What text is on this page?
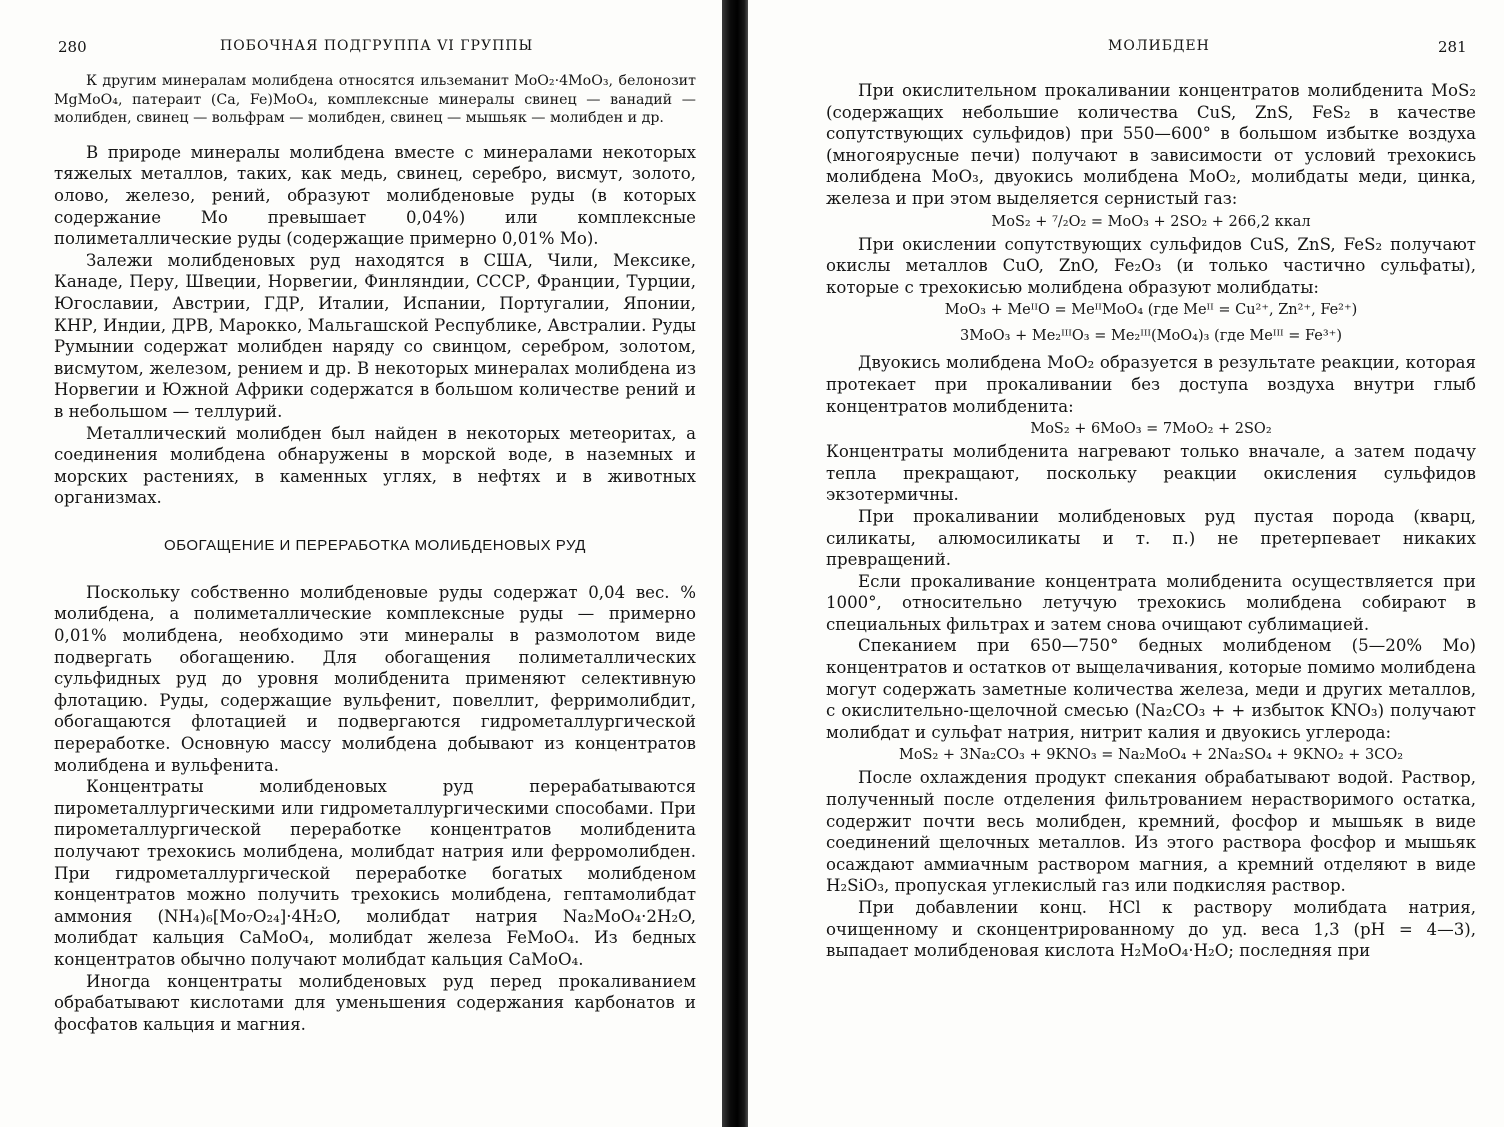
280	ПОБОЧНАЯ ПОДГРУППА VI ГРУППЫ

К другим минералам молибдена относятся ильземанит MoO₂·4MoO₃, белонозит MgMoO₄, патераит (Ca, Fe)MoO₄, комплексные минералы свинец — ванадий — молибден, свинец — вольфрам — молибден, свинец — мышьяк — молибден и др.

В природе минералы молибдена вместе с минералами некоторых тяжелых металлов, таких, как медь, свинец, серебро, висмут, золото, олово, железо, рений, образуют молибденовые руды (в которых содержание Mo превышает 0,04%) или комплексные полиметаллические руды (содержащие примерно 0,01% Mo).

Залежи молибденовых руд находятся в США, Чили, Мексике, Канаде, Перу, Швеции, Норвегии, Финляндии, СССР, Франции, Турции, Югославии, Австрии, ГДР, Италии, Испании, Португалии, Японии, КНР, Индии, ДРВ, Марокко, Мальгашской Республике, Австралии. Руды Румынии содержат молибден наряду со свинцом, серебром, золотом, висмутом, железом, рением и др. В некоторых минералах молибдена из Норвегии и Южной Африки содержатся в большом количестве рений и в небольшом — теллурий.

Металлический молибден был найден в некоторых метеоритах, а соединения молибдена обнаружены в морской воде, в наземных и морских растениях, в каменных углях, в нефтях и в животных организмах.

ОБОГАЩЕНИЕ И ПЕРЕРАБОТКА МОЛИБДЕНОВЫХ РУД

Поскольку собственно молибденовые руды содержат 0,04 вес. % молибдена, а полиметаллические комплексные руды — примерно 0,01% молибдена, необходимо эти минералы в размолотом виде подвергать обогащению. Для обогащения полиметаллических сульфидных руд до уровня молибденита применяют селективную флотацию. Руды, содержащие вульфенит, повеллит, ферримолибдит, обогащаются флотацией и подвергаются гидрометаллургической переработке. Основную массу молибдена добывают из концентратов молибдена и вульфенита.

Концентраты молибденовых руд перерабатываются пирометаллургическими или гидрометаллургическими способами. При пирометаллургической переработке концентратов молибденита получают трехокись молибдена, молибдат натрия или ферромолибден. При гидрометаллургической переработке богатых молибденом концентратов можно получить трехокись молибдена, гептамолибдат аммония (NH₄)₆[Mo₇O₂₄]·4H₂O, молибдат натрия Na₂MoO₄·2H₂O, молибдат кальция CaMoO₄, молибдат железа FeMoO₄. Из бедных концентратов обычно получают молибдат кальция CaMoO₄.

Иногда концентраты молибденовых руд перед прокаливанием обрабатывают кислотами для уменьшения содержания карбонатов и фосфатов кальция и магния.

МОЛИБДЕН	281

При окислительном прокаливании концентратов молибденита MoS₂ (содержащих небольшие количества CuS, ZnS, FeS₂ в качестве сопутствующих сульфидов) при 550—600° в большом избытке воздуха (многоярусные печи) получают в зависимости от условий трехокись молибдена MoO₃, двуокись молибдена MoO₂, молибдаты меди, цинка, железа и при этом выделяется сернистый газ:

MoS₂ + ⁷/₂O₂ = MoO₃ + 2SO₂ + 266,2 ккал

При окислении сопутствующих сульфидов CuS, ZnS, FeS₂ получают окислы металлов CuO, ZnO, Fe₂O₃ (и только частично сульфаты), которые с трехокисью молибдена образуют молибдаты:

MoO₃ + MeᴵᴵO = MeᴵᴵMoO₄ (где Meᴵᴵ = Cu²⁺, Zn²⁺, Fe²⁺)
3MoO₃ + Me₂ᴵᴵᴵO₃ = Me₂ᴵᴵᴵ(MoO₄)₃ (где Meᴵᴵᴵ = Fe³⁺)

Двуокись молибдена MoO₂ образуется в результате реакции, которая протекает при прокаливании без доступа воздуха внутри глыб концентратов молибденита:

MoS₂ + 6MoO₃ = 7MoO₂ + 2SO₂

Концентраты молибденита нагревают только вначале, а затем подачу тепла прекращают, поскольку реакции окисления сульфидов экзотермичны.

При прокаливании молибденовых руд пустая порода (кварц, силикаты, алюмосиликаты и т. п.) не претерпевает никаких превращений.

Если прокаливание концентрата молибденита осуществляется при 1000°, относительно летучую трехокись молибдена собирают в специальных фильтрах и затем снова очищают сублимацией.

Спеканием при 650—750° бедных молибденом (5—20% Mo) концентратов и остатков от выщелачивания, которые помимо молибдена могут содержать заметные количества железа, меди и других металлов, с окислительно-щелочной смесью (Na₂CO₃ + + избыток KNO₃) получают молибдат и сульфат натрия, нитрит калия и двуокись углерода:

MoS₂ + 3Na₂CO₃ + 9KNO₃ = Na₂MoO₄ + 2Na₂SO₄ + 9KNO₂ + 3CO₂

После охлаждения продукт спекания обрабатывают водой. Раствор, полученный после отделения фильтрованием нерастворимого остатка, содержит почти весь молибден, кремний, фосфор и мышьяк в виде соединений щелочных металлов. Из этого раствора фосфор и мышьяк осаждают аммиачным раствором магния, а кремний отделяют в виде H₂SiO₃, пропуская углекислый газ или подкисляя раствор.

При добавлении конц. HCl к раствору молибдата натрия, очищенному и сконцентрированному до уд. веса 1,3 (pH = 4—3), выпадает молибденовая кислота H₂MoO₄·H₂O; последняя при
